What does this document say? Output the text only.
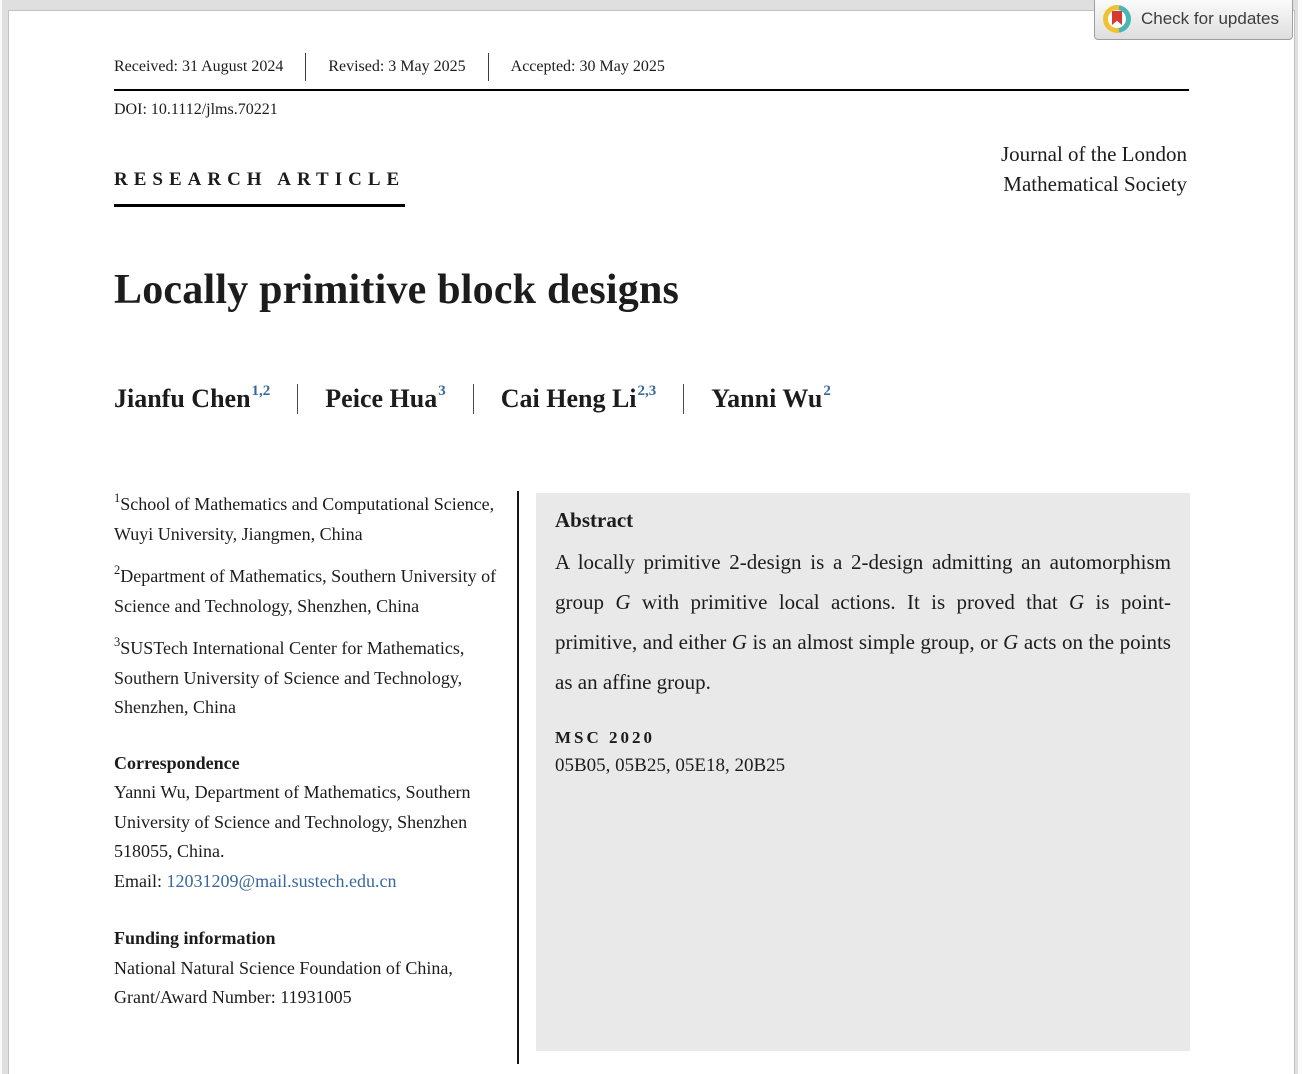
Received: 31 August 2024	Revised: 3 May 2025	Accepted: 30 May 2025
DOI: 10.1112/jlms.70221
RESEARCH ARTICLE
Journal of the London
Mathematical Society
Locally primitive block designs
Jianfu Chen$^{1,2}$ Peice Hua$^3$ Cai Heng Li$^{2,3}$ Yanni Wu$^2$
$^1$School of Mathematics and Computational Science, Wuyi University, Jiangmen, China
$^2$Department of Mathematics, Southern University of Science and Technology, Shenzhen, China
$^3$SUSTech International Center for Mathematics, Southern University of Science and Technology, Shenzhen, China
Correspondence
Yanni Wu, Department of Mathematics, Southern University of Science and Technology, Shenzhen 518055, China.
Email: 12031209@mail.sustech.edu.cn
Funding information
National Natural Science Foundation of China, Grant/Award Number: 11931005
Abstract
A locally primitive 2-design is a 2-design admitting an automorphism group G with primitive local actions. It is proved that G is point-primitive, and either G is an almost simple group, or G acts on the points as an affine group.
MSC 2020
05B05, 05B25, 05E18, 20B25
Check for updates
